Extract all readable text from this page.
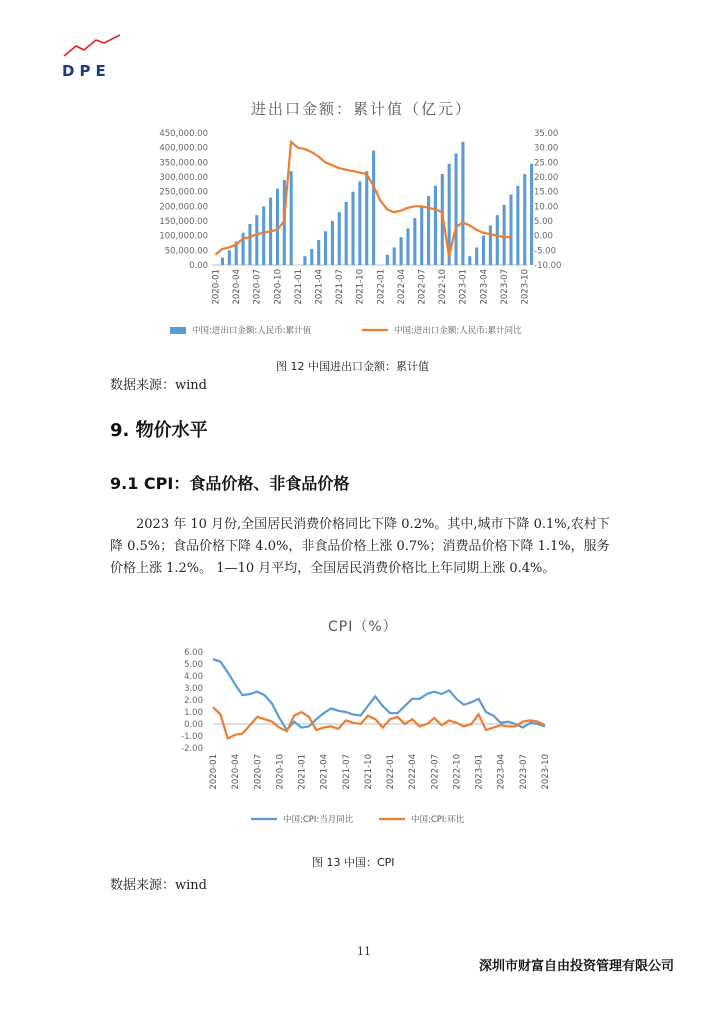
DPE
进出口金额：累计值（亿元）
450,000.00
400,000.00
350,000.00
300,000.00
250,000.00
200,000.00
150,000.00
100,000.00
50,000.00
0.00
35.00
30.00
25.00
20.00
15.00
10.00
5.00
0.00
-5.00
-10.00
2020-01 2020-04 2020-07 2020-10 2021-01 2021-04 2021-07 2021-10 2022-01 2022-04 2022-07 2022-10 2023-01 2023-04 2023-07 2023-10
中国:进出口金额:人民币:累计值	中国:进出口金额:人民币:累计同比
图 12 中国进出口金额：累计值
数据来源：wind
9. 物价水平
9.1 CPI：食品价格、非食品价格
2023 年 10 月份,全国居民消费价格同比下降 0.2%。其中,城市下降 0.1%,农村下降 0.5%；食品价格下降 4.0%，非食品价格上涨 0.7%；消费品价格下降 1.1%，服务价格上涨 1.2%。 1—10 月平均，全国居民消费价格比上年同期上涨 0.4%。
CPI（%）
6.00
5.00
4.00
3.00
2.00
1.00
0.00
-1.00
-2.00
2020-01 2020-04 2020-07 2020-10 2021-01 2021-04 2021-07 2021-10 2022-01 2022-04 2022-07 2022-10 2023-01 2023-04 2023-07 2023-10
中国:CPI:当月同比	中国:CPI:环比
图 13 中国：CPI
数据来源：wind
11
深圳市财富自由投资管理有限公司
